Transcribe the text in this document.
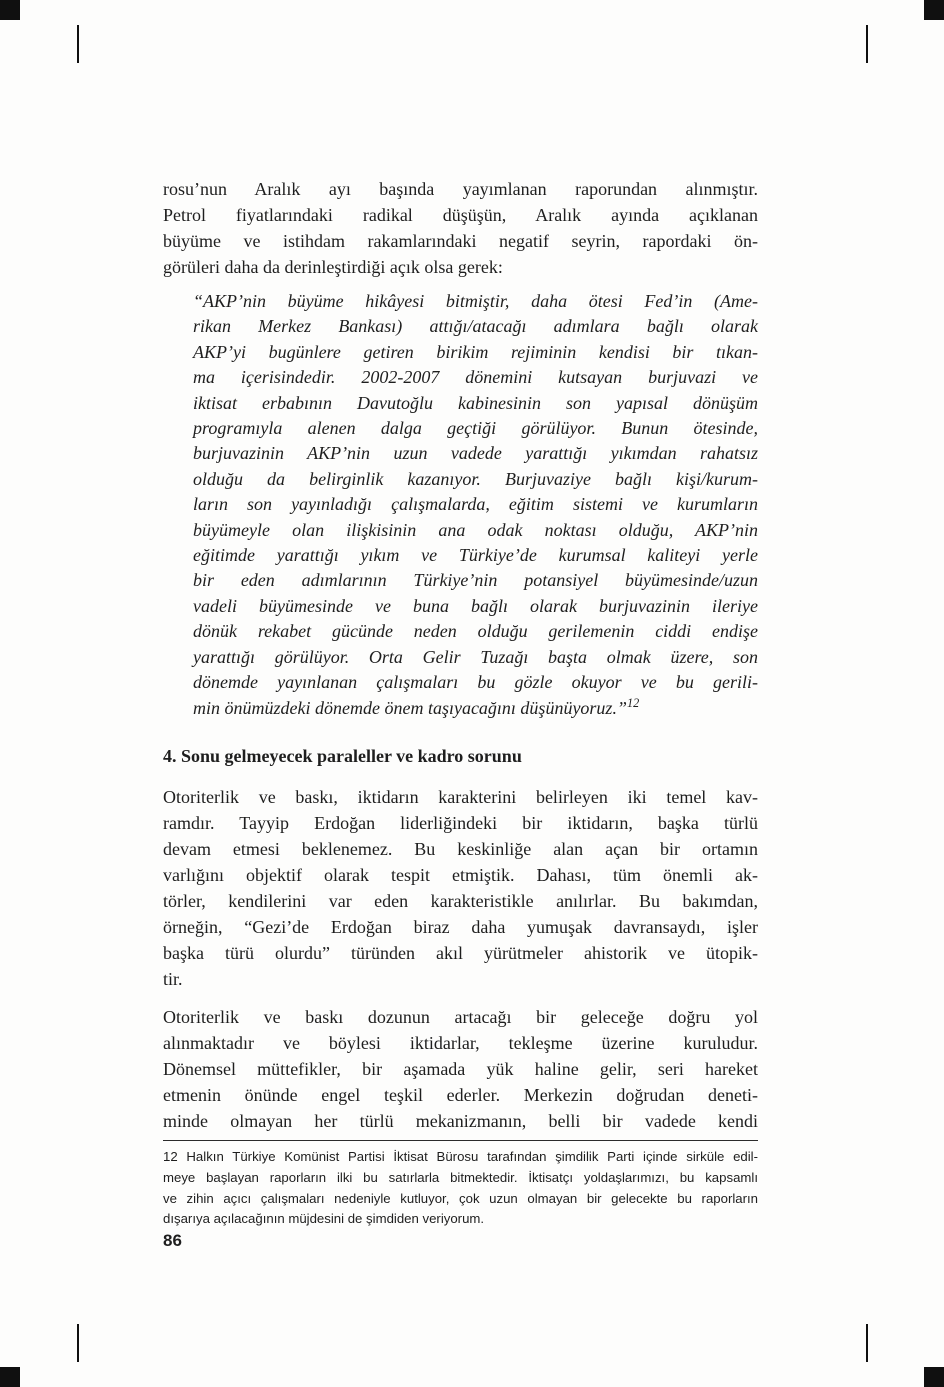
rosu’nun Aralık ayı başında yayımlanan raporundan alınmıştır.
Petrol fiyatlarındaki radikal düşüşün, Aralık ayında açıklanan
büyüme ve istihdam rakamlarındaki negatif seyrin, rapordaki ön-
görüleri daha da derinleştirdiği açık olsa gerek:
“AKP’nin büyüme hikâyesi bitmiştir, daha ötesi Fed’in (Ame-
rikan Merkez Bankası) attığı/atacağı adımlara bağlı olarak
AKP’yi bugünlere getiren birikim rejiminin kendisi bir tıkan-
ma içerisindedir. 2002-2007 dönemini kutsayan burjuvazi ve
iktisat erbabının Davutoğlu kabinesinin son yapısal dönüşüm
programıyla alenen dalga geçtiği görülüyor. Bunun ötesinde,
burjuvazinin AKP’nin uzun vadede yarattığı yıkımdan rahatsız
olduğu da belirginlik kazanıyor. Burjuvaziye bağlı kişi/kurum-
ların son yayınladığı çalışmalarda, eğitim sistemi ve kurumların
büyümeyle olan ilişkisinin ana odak noktası olduğu, AKP’nin
eğitimde yarattığı yıkım ve Türkiye’de kurumsal kaliteyi yerle
bir eden adımlarının Türkiye’nin potansiyel büyümesinde/uzun
vadeli büyümesinde ve buna bağlı olarak burjuvazinin ileriye
dönük rekabet gücünde neden olduğu gerilemenin ciddi endişe
yarattığı görülüyor. Orta Gelir Tuzağı başta olmak üzere, son
dönemde yayınlanan çalışmaları bu gözle okuyor ve bu gerili-
min önümüzdeki dönemde önem taşıyacağını düşünüyoruz.”$^{12}$
4. Sonu gelmeyecek paraleller ve kadro sorunu
Otoriterlik ve baskı, iktidarın karakterini belirleyen iki temel kav-
ramdır. Tayyip Erdoğan liderliğindeki bir iktidarın, başka türlü
devam etmesi beklenemez. Bu keskinliğe alan açan bir ortamın
varlığını objektif olarak tespit etmiştik. Dahası, tüm önemli ak-
törler, kendilerini var eden karakteristikle anılırlar. Bu bakımdan,
örneğin, “Gezi’de Erdoğan biraz daha yumuşak davransaydı, işler
başka türü olurdu” türünden akıl yürütmeler ahistorik ve ütopik-
tir.
Otoriterlik ve baskı dozunun artacağı bir geleceğe doğru yol
alınmaktadır ve böylesi iktidarlar, tekleşme üzerine kuruludur.
Dönemsel müttefikler, bir aşamada yük haline gelir, seri hareket
etmenin önünde engel teşkil ederler. Merkezin doğrudan deneti-
minde olmayan her türlü mekanizmanın, belli bir vadede kendi
12 Halkın Türkiye Komünist Partisi İktisat Bürosu tarafından şimdilik Parti içinde sirküle edil-
meye başlayan raporların ilki bu satırlarla bitmektedir. İktisatçı yoldaşlarımızı, bu kapsamlı
ve zihin açıcı çalışmaları nedeniyle kutluyor, çok uzun olmayan bir gelecekte bu raporların
dışarıya açılacağının müjdesini de şimdiden veriyorum.
86
